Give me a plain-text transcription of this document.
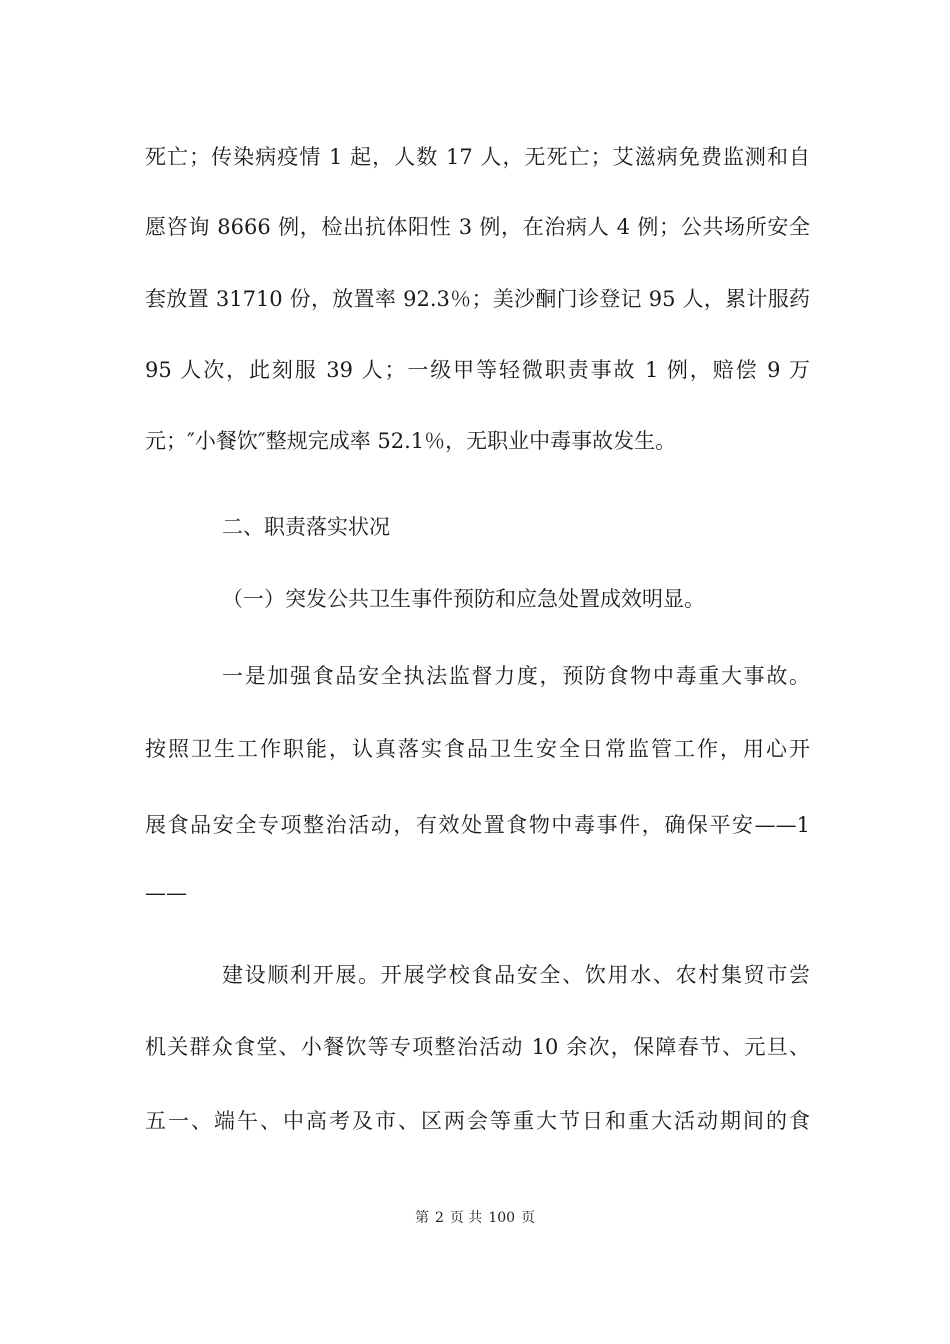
死亡；传染病疫情 1 起，人数 17 人，无死亡；艾滋病免费监测和自
愿咨询 8666 例，检出抗体阳性 3 例，在治病人 4 例；公共场所安全
套放置 31710 份，放置率 92.3％；美沙酮门诊登记 95 人，累计服药
95 人次，此刻服 39 人；一级甲等轻微职责事故 1 例，赔偿 9 万
元；″小餐饮″整规完成率 52.1％，无职业中毒事故发生。
二、职责落实状况
（一）突发公共卫生事件预防和应急处置成效明显。
一是加强食品安全执法监督力度，预防食物中毒重大事故。
按照卫生工作职能，认真落实食品卫生安全日常监管工作，用心开
展食品安全专项整治活动，有效处置食物中毒事件，确保平安——1
——
建设顺利开展。开展学校食品安全、饮用水、农村集贸市尝
机关群众食堂、小餐饮等专项整治活动 10 余次，保障春节、元旦、
五一、端午、中高考及市、区两会等重大节日和重大活动期间的食
第 2 页 共 100 页
